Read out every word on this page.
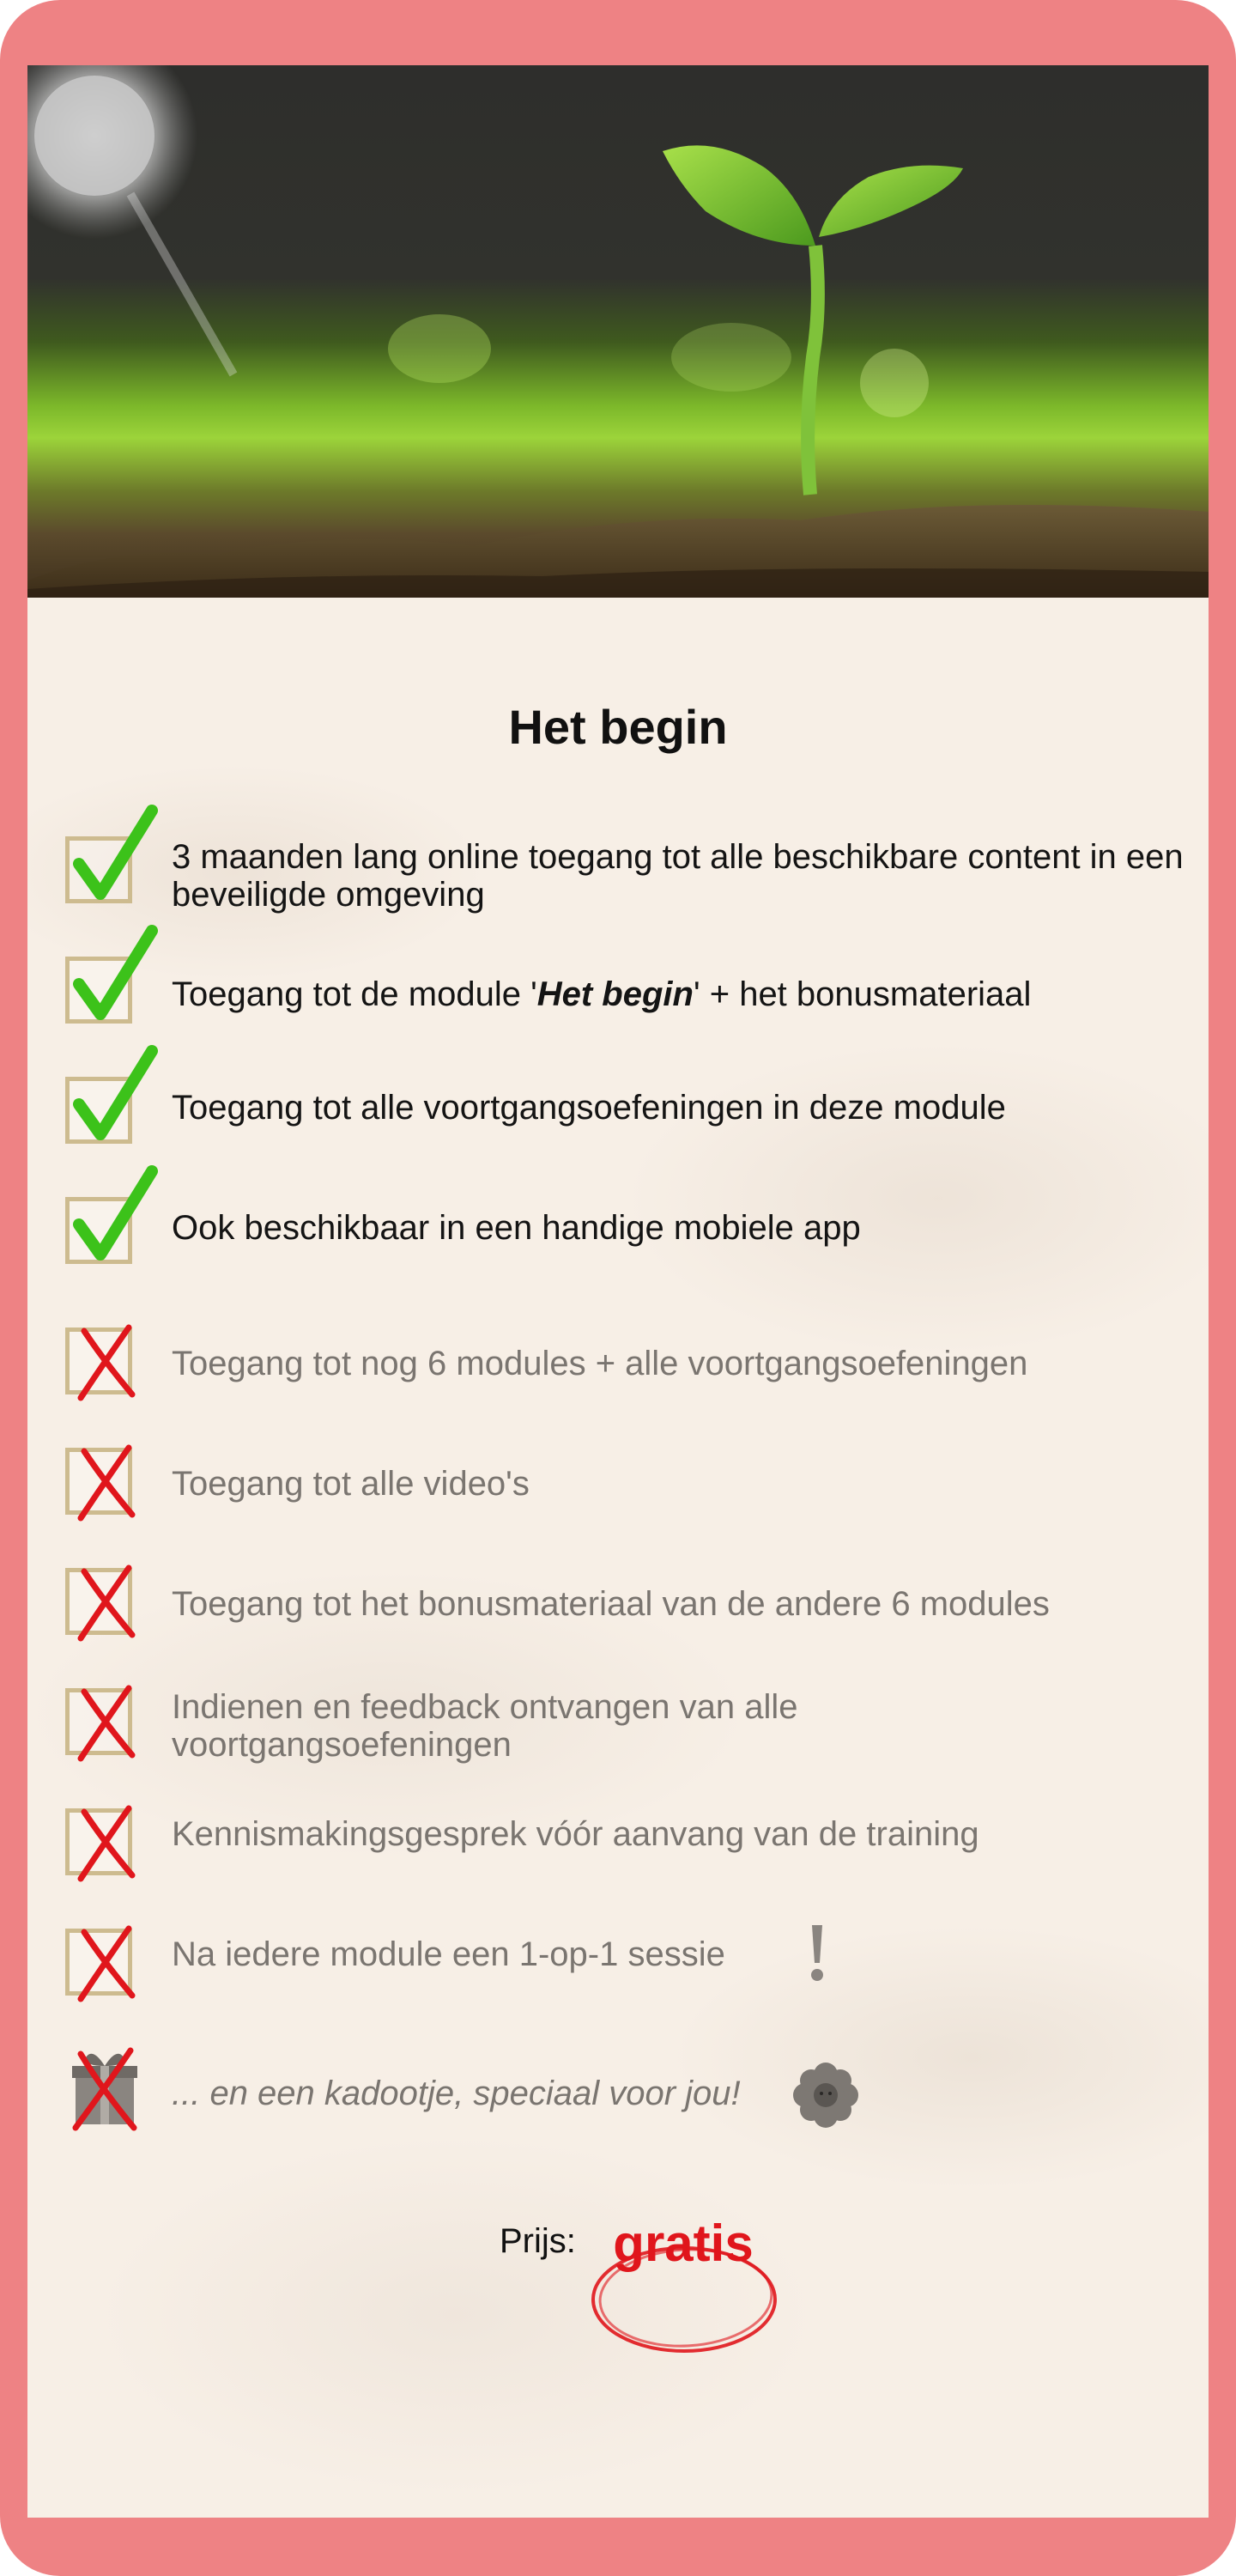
Het begin
3 maanden lang online toegang tot alle beschikbare content in een beveiligde omgeving
Toegang tot de module 'Het begin' + het bonusmateriaal
Toegang tot alle voortgangsoefeningen in deze module
Ook beschikbaar in een handige mobiele app
Toegang tot nog 6 modules + alle voortgangsoefeningen
Toegang tot alle video's
Toegang tot het bonusmateriaal van de andere 6 modules
Indienen en feedback ontvangen van alle voortgangsoefeningen
Kennismakingsgesprek vóór aanvang van de training
Na iedere module een 1-op-1 sessie
... en een kadootje, speciaal voor jou!
Prijs: gratis
